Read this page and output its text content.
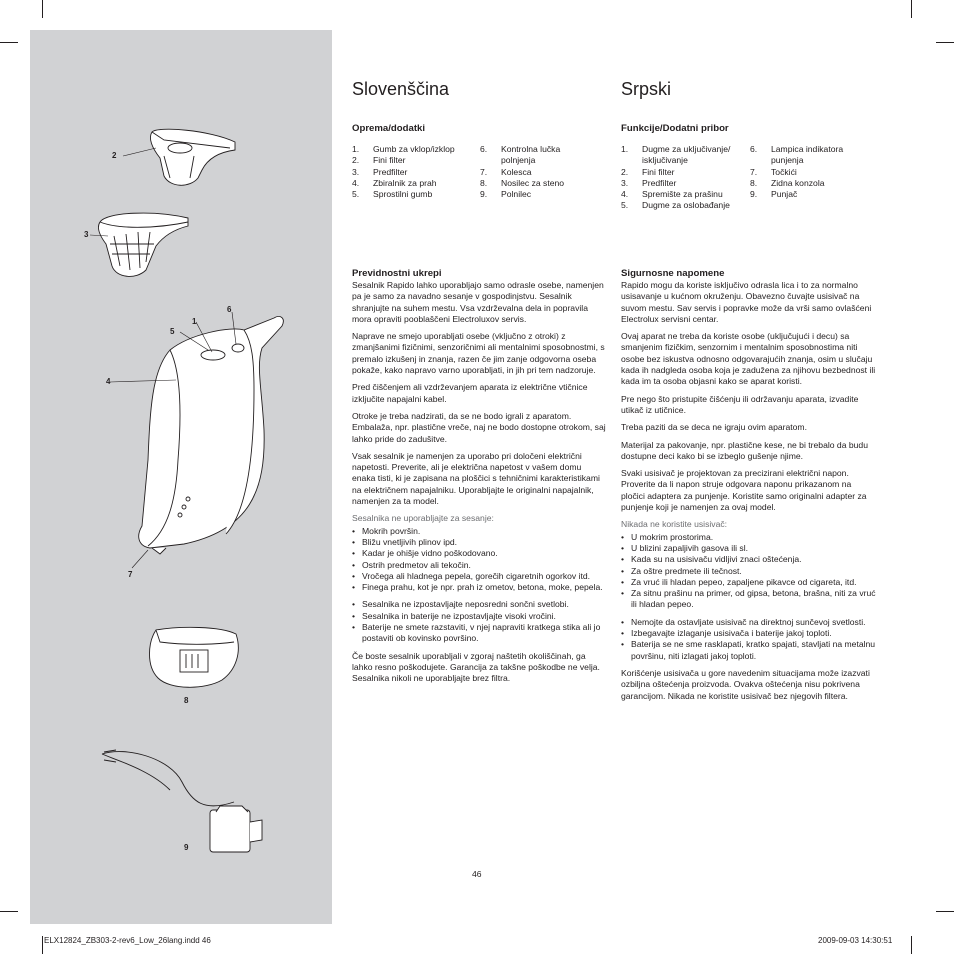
2
3
1
6
5
4
7
8
9
Slovenščina
Oprema/dodatki
1.	Gumb za vklop/izklop
2.	Fini filter
3.	Predfilter
4.	Zbiralnik za prah
5.	Sprostilni gumb
6.	Kontrolna lučka polnjenja
7.	Kolesca
8.	Nosilec za steno
9.	Polnilec
Previdnostni ukrepi

Sesalnik Rapido lahko uporabljajo samo odrasle osebe, namenjen pa je samo za navadno sesanje v gospodinjstvu. Sesalnik shranjujte na suhem mestu. Vsa vzdrževalna dela in popravila mora opraviti pooblaščeni Electroluxov servis.

Naprave ne smejo uporabljati osebe (vključno z otroki) z zmanjšanimi fizičnimi, senzoričnimi ali mentalnimi sposobnostmi, s premalo izkušenj in znanja, razen če jim zanje odgovorna oseba pokaže, kako napravo varno uporabljati, in jih pri tem nadzoruje.

Pred čiščenjem ali vzdrževanjem aparata iz električne vtičnice izključite napajalni kabel.

Otroke je treba nadzirati, da se ne bodo igrali z aparatom. Embalaža, npr. plastične vreče, naj ne bodo dostopne otrokom, saj lahko pride do zadušitve.

Vsak sesalnik je namenjen za uporabo pri določeni električni napetosti. Preverite, ali je električna napetost v vašem domu enaka tisti, ki je zapisana na ploščici s tehničnimi karakteristikami na električnem napajalniku. Uporabljajte le originalni napajalnik, namenjen za ta model.

Sesalnika ne uporabljajte za sesanje:

• Mokrih površin.
• Bližu vnetljivih plinov ipd.
• Kadar je ohišje vidno poškodovano.
• Ostrih predmetov ali tekočin.
• Vročega ali hladnega pepela, gorečih cigaretnih ogorkov itd.
• Finega prahu, kot je npr. prah iz ometov, betona, moke, pepela.
• Sesalnika ne izpostavljajte neposredni sončni svetlobi.
• Sesalnika in baterije ne izpostavljajte visoki vročini.
• Baterije ne smete razstaviti, v njej napraviti kratkega stika ali jo postaviti ob kovinsko površino.

Če boste sesalnik uporabljali v zgoraj naštetih okoliščinah, ga lahko resno poškodujete. Garancija za takšne poškodbe ne velja. Sesalnika nikoli ne uporabljajte brez filtra.

Srpski
Funkcije/Dodatni pribor
1.	Dugme za uključivanje/ isključivanje
2.	Fini filter
3.	Predfilter
4.	Spremište za prašinu
5.	Dugme za oslobađanje
6.	Lampica indikatora punjenja
7.	Točkići
8.	Zidna konzola
9.	Punjač
Sigurnosne napomene

Rapido mogu da koriste isključivo odrasla lica i to za normalno usisavanje u kućnom okruženju. Obavezno čuvajte usisivač na suvom mestu. Sav servis i popravke može da vrši samo ovlašćeni Electrolux servisni centar.

Ovaj aparat ne treba da koriste osobe (uključujući i decu) sa smanjenim fizičkim, senzornim i mentalnim sposobnostima niti osobe bez iskustva odnosno odgovarajućih znanja, osim u slučaju kada ih nadgleda osoba koja je zadužena za njihovu bezbednost ili kada im ta osoba objasni kako se aparat koristi.

Pre nego što pristupite čišćenju ili održavanju aparata, izvadite utikač iz utičnice.

Treba paziti da se deca ne igraju ovim aparatom.

Materijal za pakovanje, npr. plastične kese, ne bi trebalo da budu dostupne deci kako bi se izbeglo gušenje njime.

Svaki usisivač je projektovan za precizirani električni napon. Proverite da li napon struje odgovara naponu prikazanom na pločici adaptera za punjenje. Koristite samo originalni adapter za punjenje koji je namenjen za ovaj model.

Nikada ne koristite usisivač:

• U mokrim prostorima.
• U blizini zapaljivih gasova ili sl.
• Kada su na usisivaču vidljivi znaci oštećenja.
• Za oštre predmete ili tečnost.
• Za vruć ili hladan pepeo, zapaljene pikavce od cigareta, itd.
• Za sitnu prašinu na primer, od gipsa, betona, brašna, niti za vruć ili hladan pepeo.
• Nemojte da ostavljate usisivač na direktnoj sunčevoj svetlosti.
• Izbegavajte izlaganje usisivača i baterije jakoj toploti.
• Baterija se ne sme rasklapati, kratko spajati, stavljati na metalnu površinu, niti izlagati jakoj toploti.

Korišćenje usisivača u gore navedenim situacijama može izazvati ozbiljna oštećenja proizvoda. Ovakva oštećenja nisu pokrivena garancijom. Nikada ne koristite usisivač bez njegovih filtera.

46
ELX12824_ZB303-2-rev6_Low_26lang.indd 46	2009-09-03 14:30:51
